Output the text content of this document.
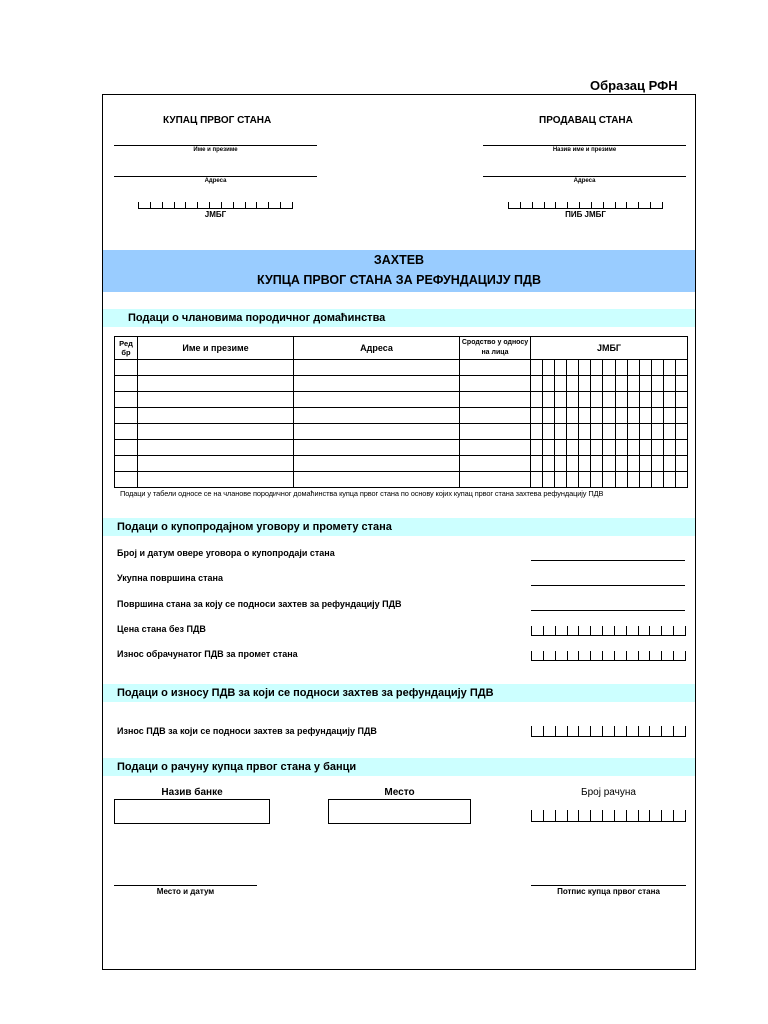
Образац РФН
КУПАЦ ПРВОГ СТАНА
Име и презиме
Адреса
ЈМБГ
ПРОДАВАЦ СТАНА
Назив име и презиме
Адреса
ПИБ ЈМБГ
ЗАХТЕВ
КУПЦА ПРВОГ СТАНА ЗА РЕФУНДАЦИЈУ ПДВ
Подаци о члановима породичног домаћинства
Ред бр	Име и презиме	Адреса	Сродство у односу на лица	ЈМБГ

Подаци у табели односе се на чланове породичног домаћинства купца првог стана по основу којих купац првог стана захтева рефундацију ПДВ
Подаци о купопродајном уговору и промету стана
Број и датум овере уговора о купопродаји стана
Укупна површина стана
Површина стана за коју се подноси захтев за рефундацију ПДВ
Цена стана без ПДВ
Износ обрачунатог ПДВ за промет стана
Подаци о износу ПДВ за који се подноси захтев за рефундацију ПДВ
Износ ПДВ за који се подноси захтев за рефундацију ПДВ
Подаци о рачуну купца првог стана у банци
Назив банке	Место	Број рачуна
Место и датум	Потпис купца првог стана
